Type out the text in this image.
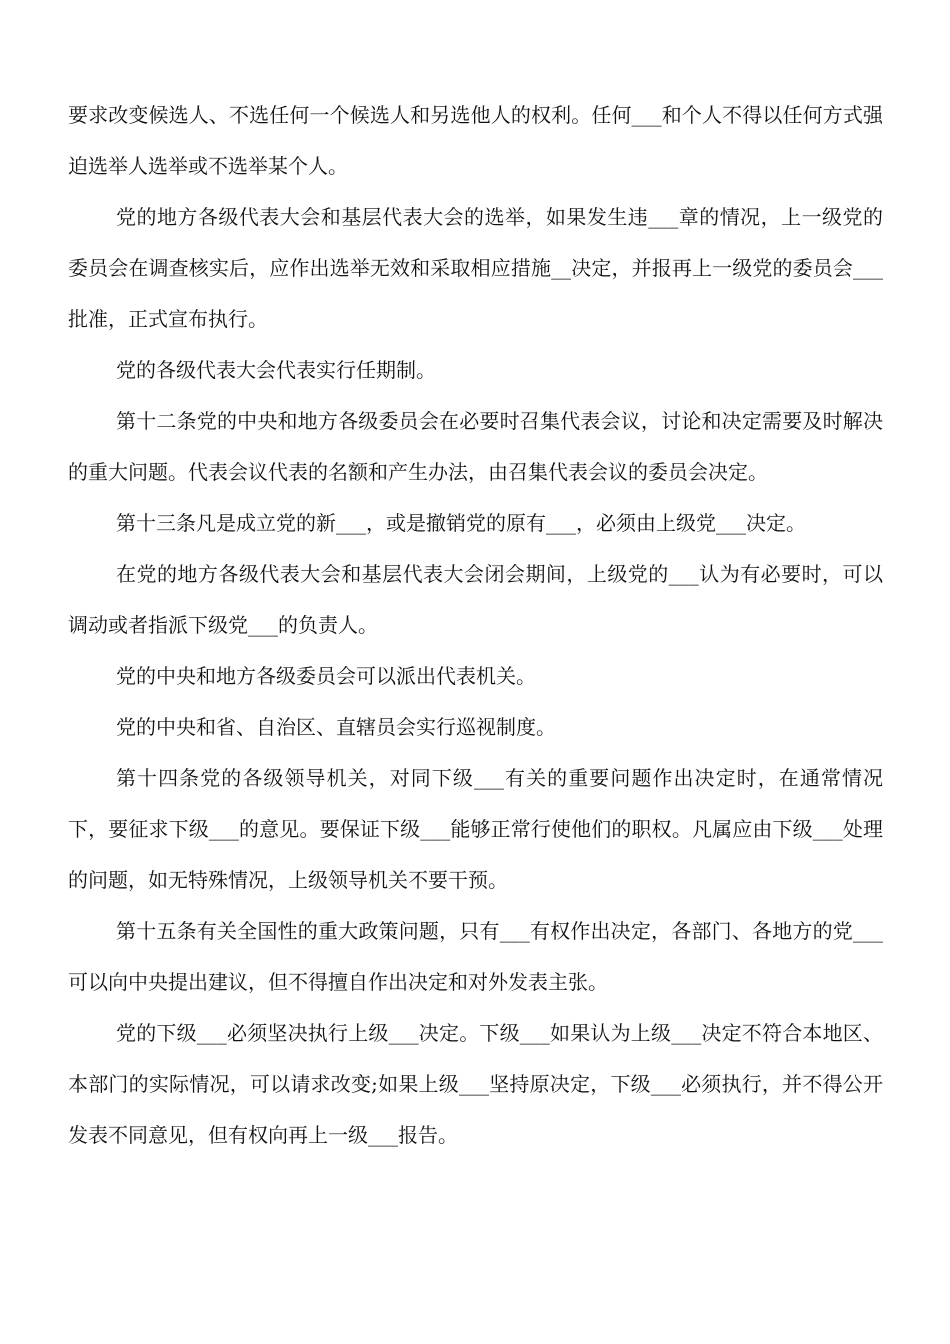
要求改变候选人、不选任何一个候选人和另选他人的权利。任何___和个人不得以任何方式强迫选举人选举或不选举某个人。

党的地方各级代表大会和基层代表大会的选举，如果发生违___章的情况，上一级党的委员会在调查核实后，应作出选举无效和采取相应措施__决定，并报再上一级党的委员会___批准，正式宣布执行。

党的各级代表大会代表实行任期制。

第十二条党的中央和地方各级委员会在必要时召集代表会议，讨论和决定需要及时解决的重大问题。代表会议代表的名额和产生办法，由召集代表会议的委员会决定。

第十三条凡是成立党的新___，或是撤销党的原有___，必须由上级党___决定。

在党的地方各级代表大会和基层代表大会闭会期间，上级党的___认为有必要时，可以调动或者指派下级党___的负责人。

党的中央和地方各级委员会可以派出代表机关。

党的中央和省、自治区、直辖员会实行巡视制度。

第十四条党的各级领导机关，对同下级___有关的重要问题作出决定时，在通常情况下，要征求下级___的意见。要保证下级___能够正常行使他们的职权。凡属应由下级___处理的问题，如无特殊情况，上级领导机关不要干预。

第十五条有关全国性的重大政策问题，只有___有权作出决定，各部门、各地方的党___可以向中央提出建议，但不得擅自作出决定和对外发表主张。

党的下级___必须坚决执行上级___决定。下级___如果认为上级___决定不符合本地区、本部门的实际情况，可以请求改变;如果上级___坚持原决定，下级___必须执行，并不得公开发表不同意见，但有权向再上一级___报告。
